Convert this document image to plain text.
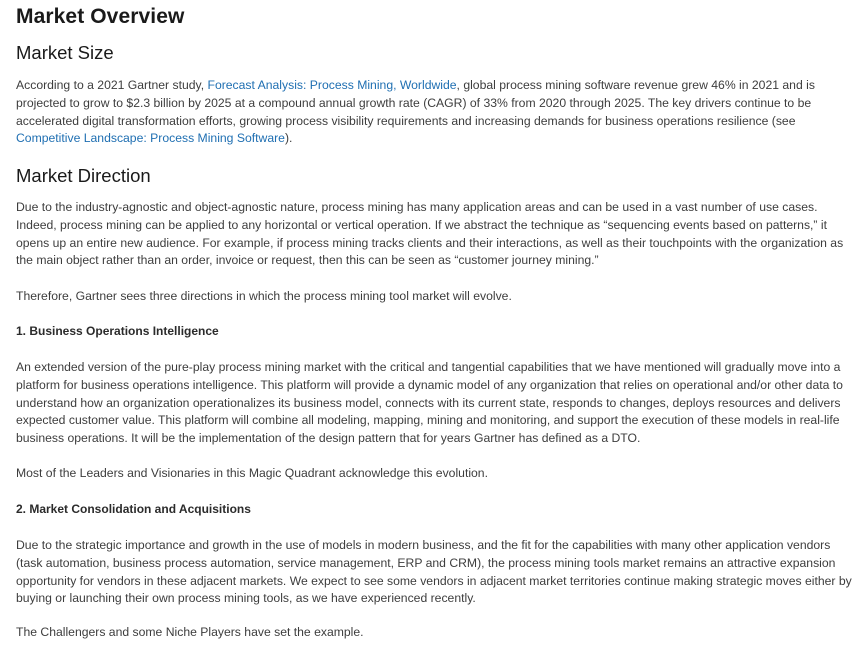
Market Overview
Market Size

According to a 2021 Gartner study, Forecast Analysis: Process Mining, Worldwide, global process mining software revenue grew 46% in 2021 and is projected to grow to $2.3 billion by 2025 at a compound annual growth rate (CAGR) of 33% from 2020 through 2025. The key drivers continue to be accelerated digital transformation efforts, growing process visibility requirements and increasing demands for business operations resilience (see Competitive Landscape: Process Mining Software).

Market Direction

Due to the industry-agnostic and object-agnostic nature, process mining has many application areas and can be used in a vast number of use cases. Indeed, process mining can be applied to any horizontal or vertical operation. If we abstract the technique as “sequencing events based on patterns,” it opens up an entire new audience. For example, if process mining tracks clients and their interactions, as well as their touchpoints with the organization as the main object rather than an order, invoice or request, then this can be seen as “customer journey mining.”

Therefore, Gartner sees three directions in which the process mining tool market will evolve.

1. Business Operations Intelligence

An extended version of the pure-play process mining market with the critical and tangential capabilities that we have mentioned will gradually move into a platform for business operations intelligence. This platform will provide a dynamic model of any organization that relies on operational and/or other data to understand how an organization operationalizes its business model, connects with its current state, responds to changes, deploys resources and delivers expected customer value. This platform will combine all modeling, mapping, mining and monitoring, and support the execution of these models in real-life business operations. It will be the implementation of the design pattern that for years Gartner has defined as a DTO.

Most of the Leaders and Visionaries in this Magic Quadrant acknowledge this evolution.

2. Market Consolidation and Acquisitions

Due to the strategic importance and growth in the use of models in modern business, and the fit for the capabilities with many other application vendors (task automation, business process automation, service management, ERP and CRM), the process mining tools market remains an attractive expansion opportunity for vendors in these adjacent markets. We expect to see some vendors in adjacent market territories continue making strategic moves either by buying or launching their own process mining tools, as we have experienced recently.

The Challengers and some Niche Players have set the example.
